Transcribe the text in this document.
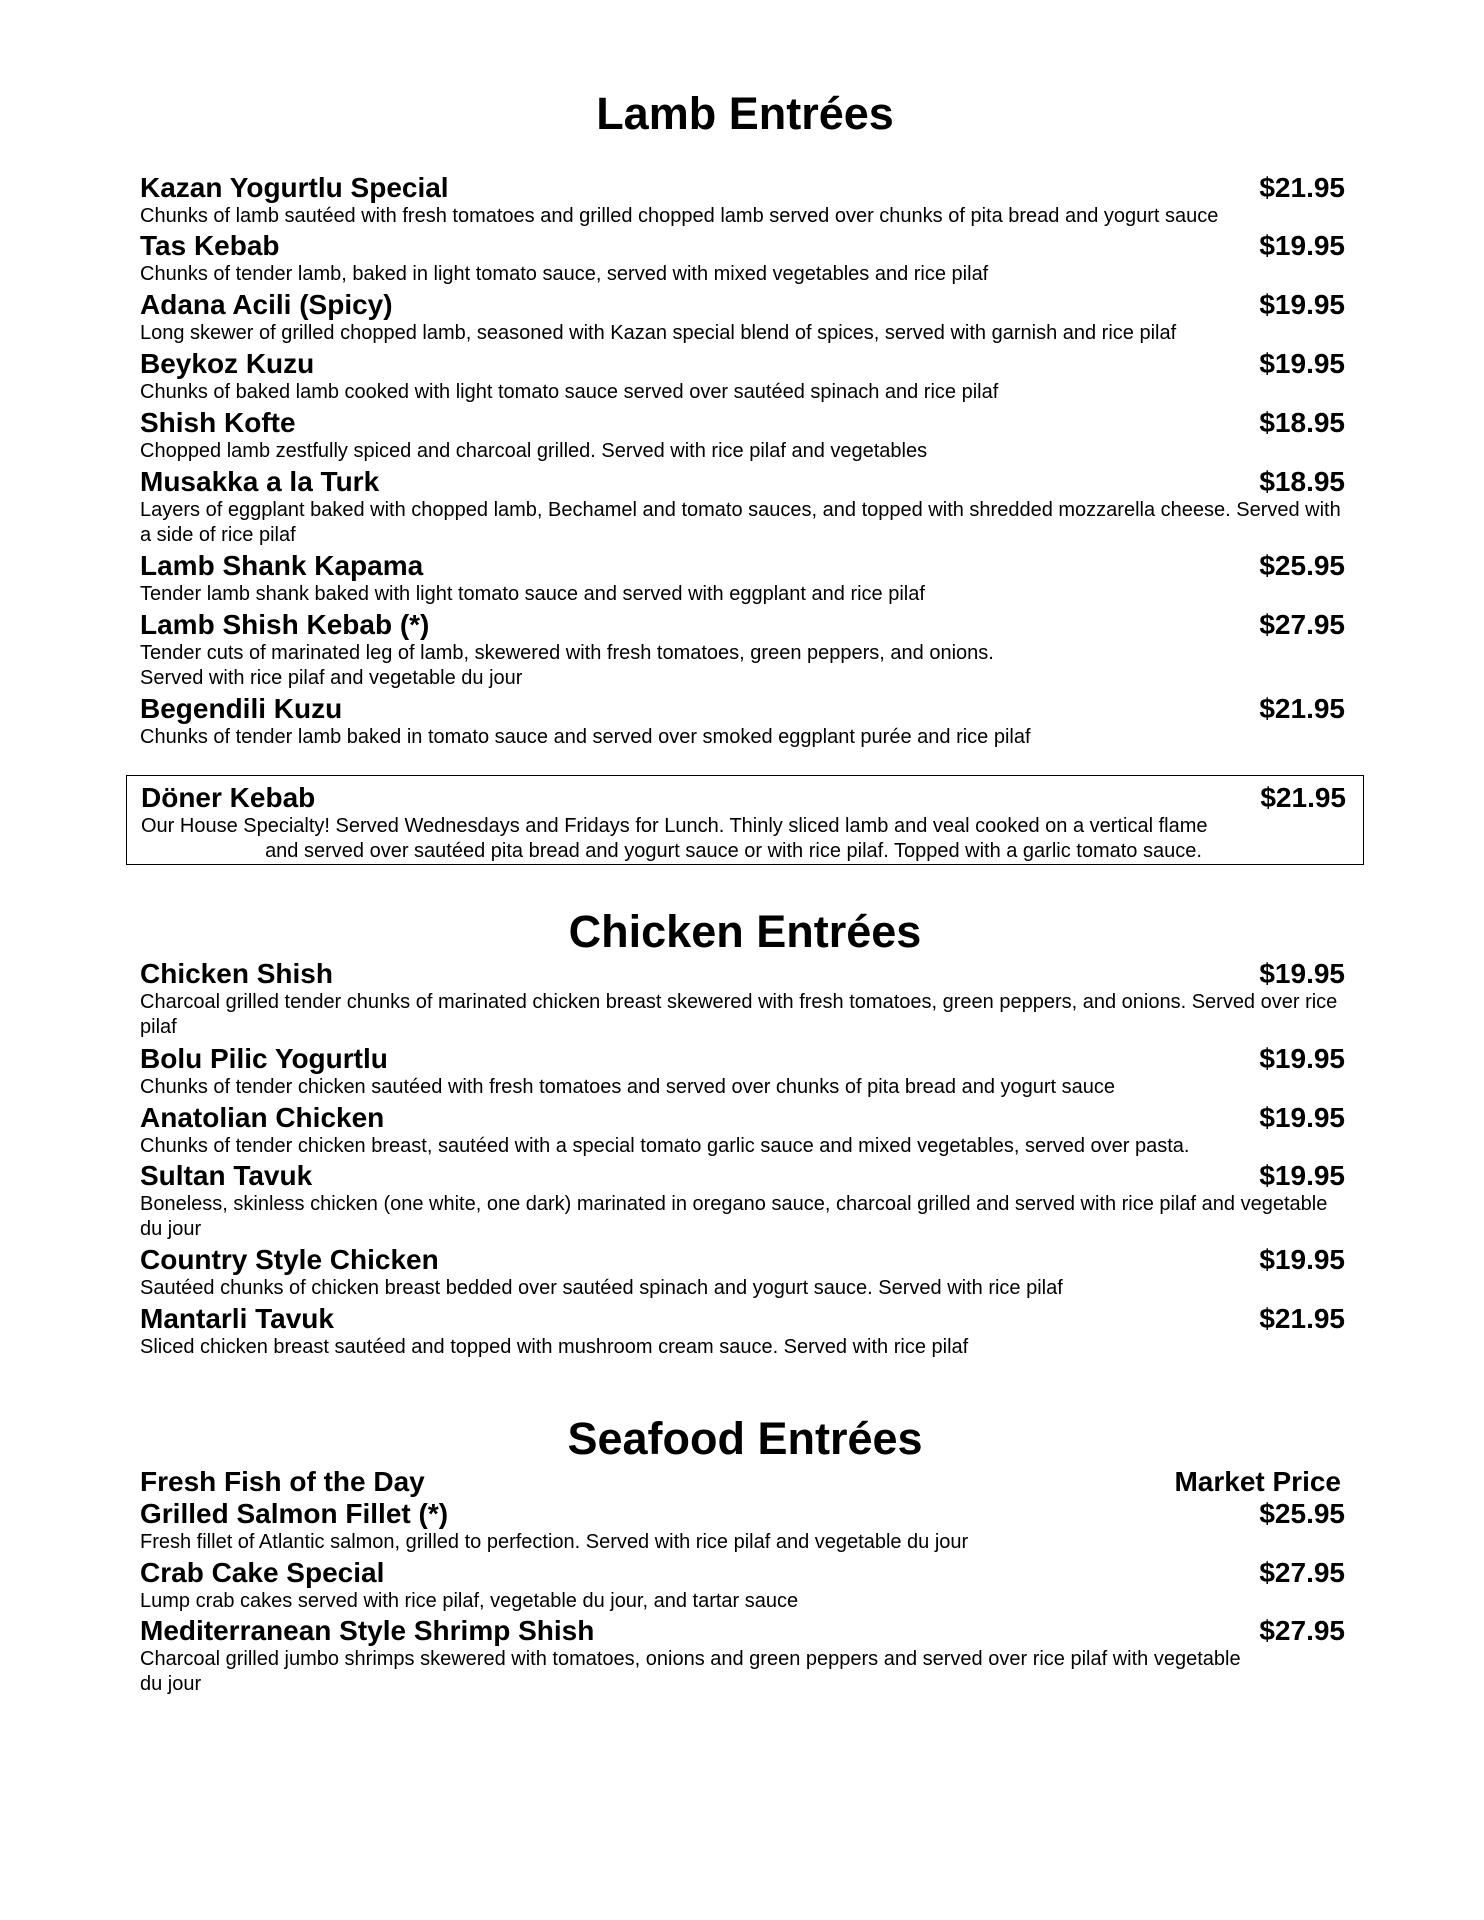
Lamb Entrées
Kazan Yogurtlu Special	$21.95

Chunks of lamb sautéed with fresh tomatoes and grilled chopped lamb served over chunks of pita bread and yogurt sauce

Tas Kebab	$19.95

Chunks of tender lamb, baked in light tomato sauce, served with mixed vegetables and rice pilaf

Adana Acili (Spicy)	$19.95

Long skewer of grilled chopped lamb, seasoned with Kazan special blend of spices, served with garnish and rice pilaf

Beykoz Kuzu	$19.95

Chunks of baked lamb cooked with light tomato sauce served over sautéed spinach and rice pilaf

Shish Kofte	$18.95

Chopped lamb zestfully spiced and charcoal grilled. Served with rice pilaf and vegetables

Musakka a la Turk	$18.95

Layers of eggplant baked with chopped lamb, Bechamel and tomato sauces, and topped with shredded mozzarella cheese. Served with a side of rice pilaf

Lamb Shank Kapama	$25.95

Tender lamb shank baked with light tomato sauce and served with eggplant and rice pilaf

Lamb Shish Kebab (*)	$27.95

Tender cuts of marinated leg of lamb, skewered with fresh tomatoes, green peppers, and onions.

Served with rice pilaf and vegetable du jour

Begendili Kuzu	$21.95

Chunks of tender lamb baked in tomato sauce and served over smoked eggplant purée and rice pilaf

Döner Kebab	$21.95

Our House Specialty! Served Wednesdays and Fridays for Lunch. Thinly sliced lamb and veal cooked on a vertical flame

and served over sautéed pita bread and yogurt sauce or with rice pilaf. Topped with a garlic tomato sauce.

Chicken Entrées
Chicken Shish	$19.95

Charcoal grilled tender chunks of marinated chicken breast skewered with fresh tomatoes, green peppers, and onions. Served over rice pilaf

Bolu Pilic Yogurtlu	$19.95

Chunks of tender chicken sautéed with fresh tomatoes and served over chunks of pita bread and yogurt sauce

Anatolian Chicken	$19.95

Chunks of tender chicken breast, sautéed with a special tomato garlic sauce and mixed vegetables, served over pasta.

Sultan Tavuk	$19.95

Boneless, skinless chicken (one white, one dark) marinated in oregano sauce, charcoal grilled and served with rice pilaf and vegetable du jour

Country Style Chicken	$19.95

Sautéed chunks of chicken breast bedded over sautéed spinach and yogurt sauce. Served with rice pilaf

Mantarli Tavuk	$21.95

Sliced chicken breast sautéed and topped with mushroom cream sauce. Served with rice pilaf

Seafood Entrées
Fresh Fish of the Day	Market Price
Grilled Salmon Fillet (*)	$25.95

Fresh fillet of Atlantic salmon, grilled to perfection. Served with rice pilaf and vegetable du jour

Crab Cake Special	$27.95

Lump crab cakes served with rice pilaf, vegetable du jour, and tartar sauce

Mediterranean Style Shrimp Shish	$27.95

Charcoal grilled jumbo shrimps skewered with tomatoes, onions and green peppers and served over rice pilaf with vegetable du jour
